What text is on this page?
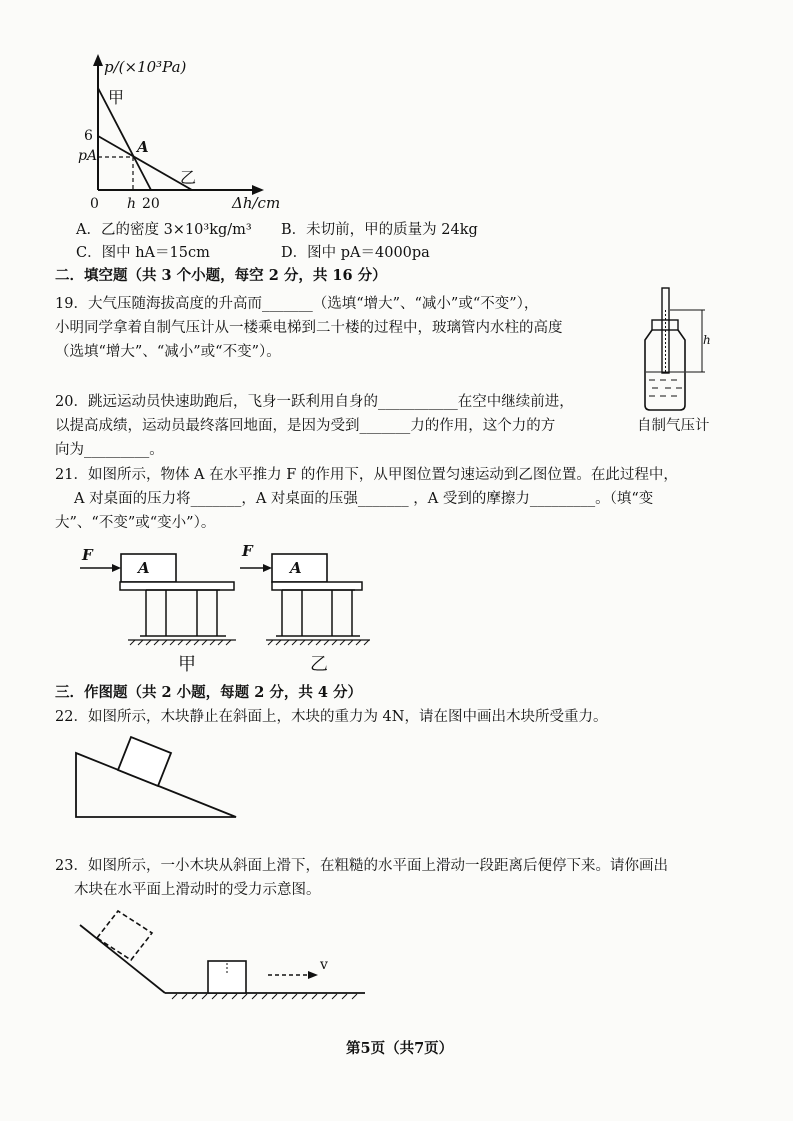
p/(×10³Pa)
甲
6
pA	A
乙
0 h 20	Δh/cm
A．乙的密度 3×10³kg/m³ B．未切前，甲的质量为 24kg
C．图中 hA＝15cm	D．图中 pA＝4000pa
二．填空题（共 3 个小题，每空 2 分，共 16 分）
19．大气压随海拔高度的升高而_______（选填“增大”、“减小”或“不变”），
小明同学拿着自制气压计从一楼乘电梯到二十楼的过程中，玻璃管内水柱的高度
（选填“增大”、“减小”或“不变”）。
h
20．跳远运动员快速助跑后，飞身一跃利用自身的___________在空中继续前进，
以提高成绩，运动员最终落回地面，是因为受到_______力的作用，这个力的方	自制气压计
向为_________。
21．如图所示，物体 A 在水平推力 F 的作用下，从甲图位置匀速运动到乙图位置。在此过程中，
A 对桌面的压力将_______，A 对桌面的压强_______ ，A 受到的摩擦力_________。（填“变
大”、“不变”或“变小”）。
F
A
甲
F
A
乙
三．作图题（共 2 小题，每题 2 分，共 4 分）
22．如图所示，木块静止在斜面上，木块的重力为 4N，请在图中画出木块所受重力。
23．如图所示，一小木块从斜面上滑下，在粗糙的水平面上滑动一段距离后便停下来。请你画出
木块在水平面上滑动时的受力示意图。
v
第5页（共7页）
